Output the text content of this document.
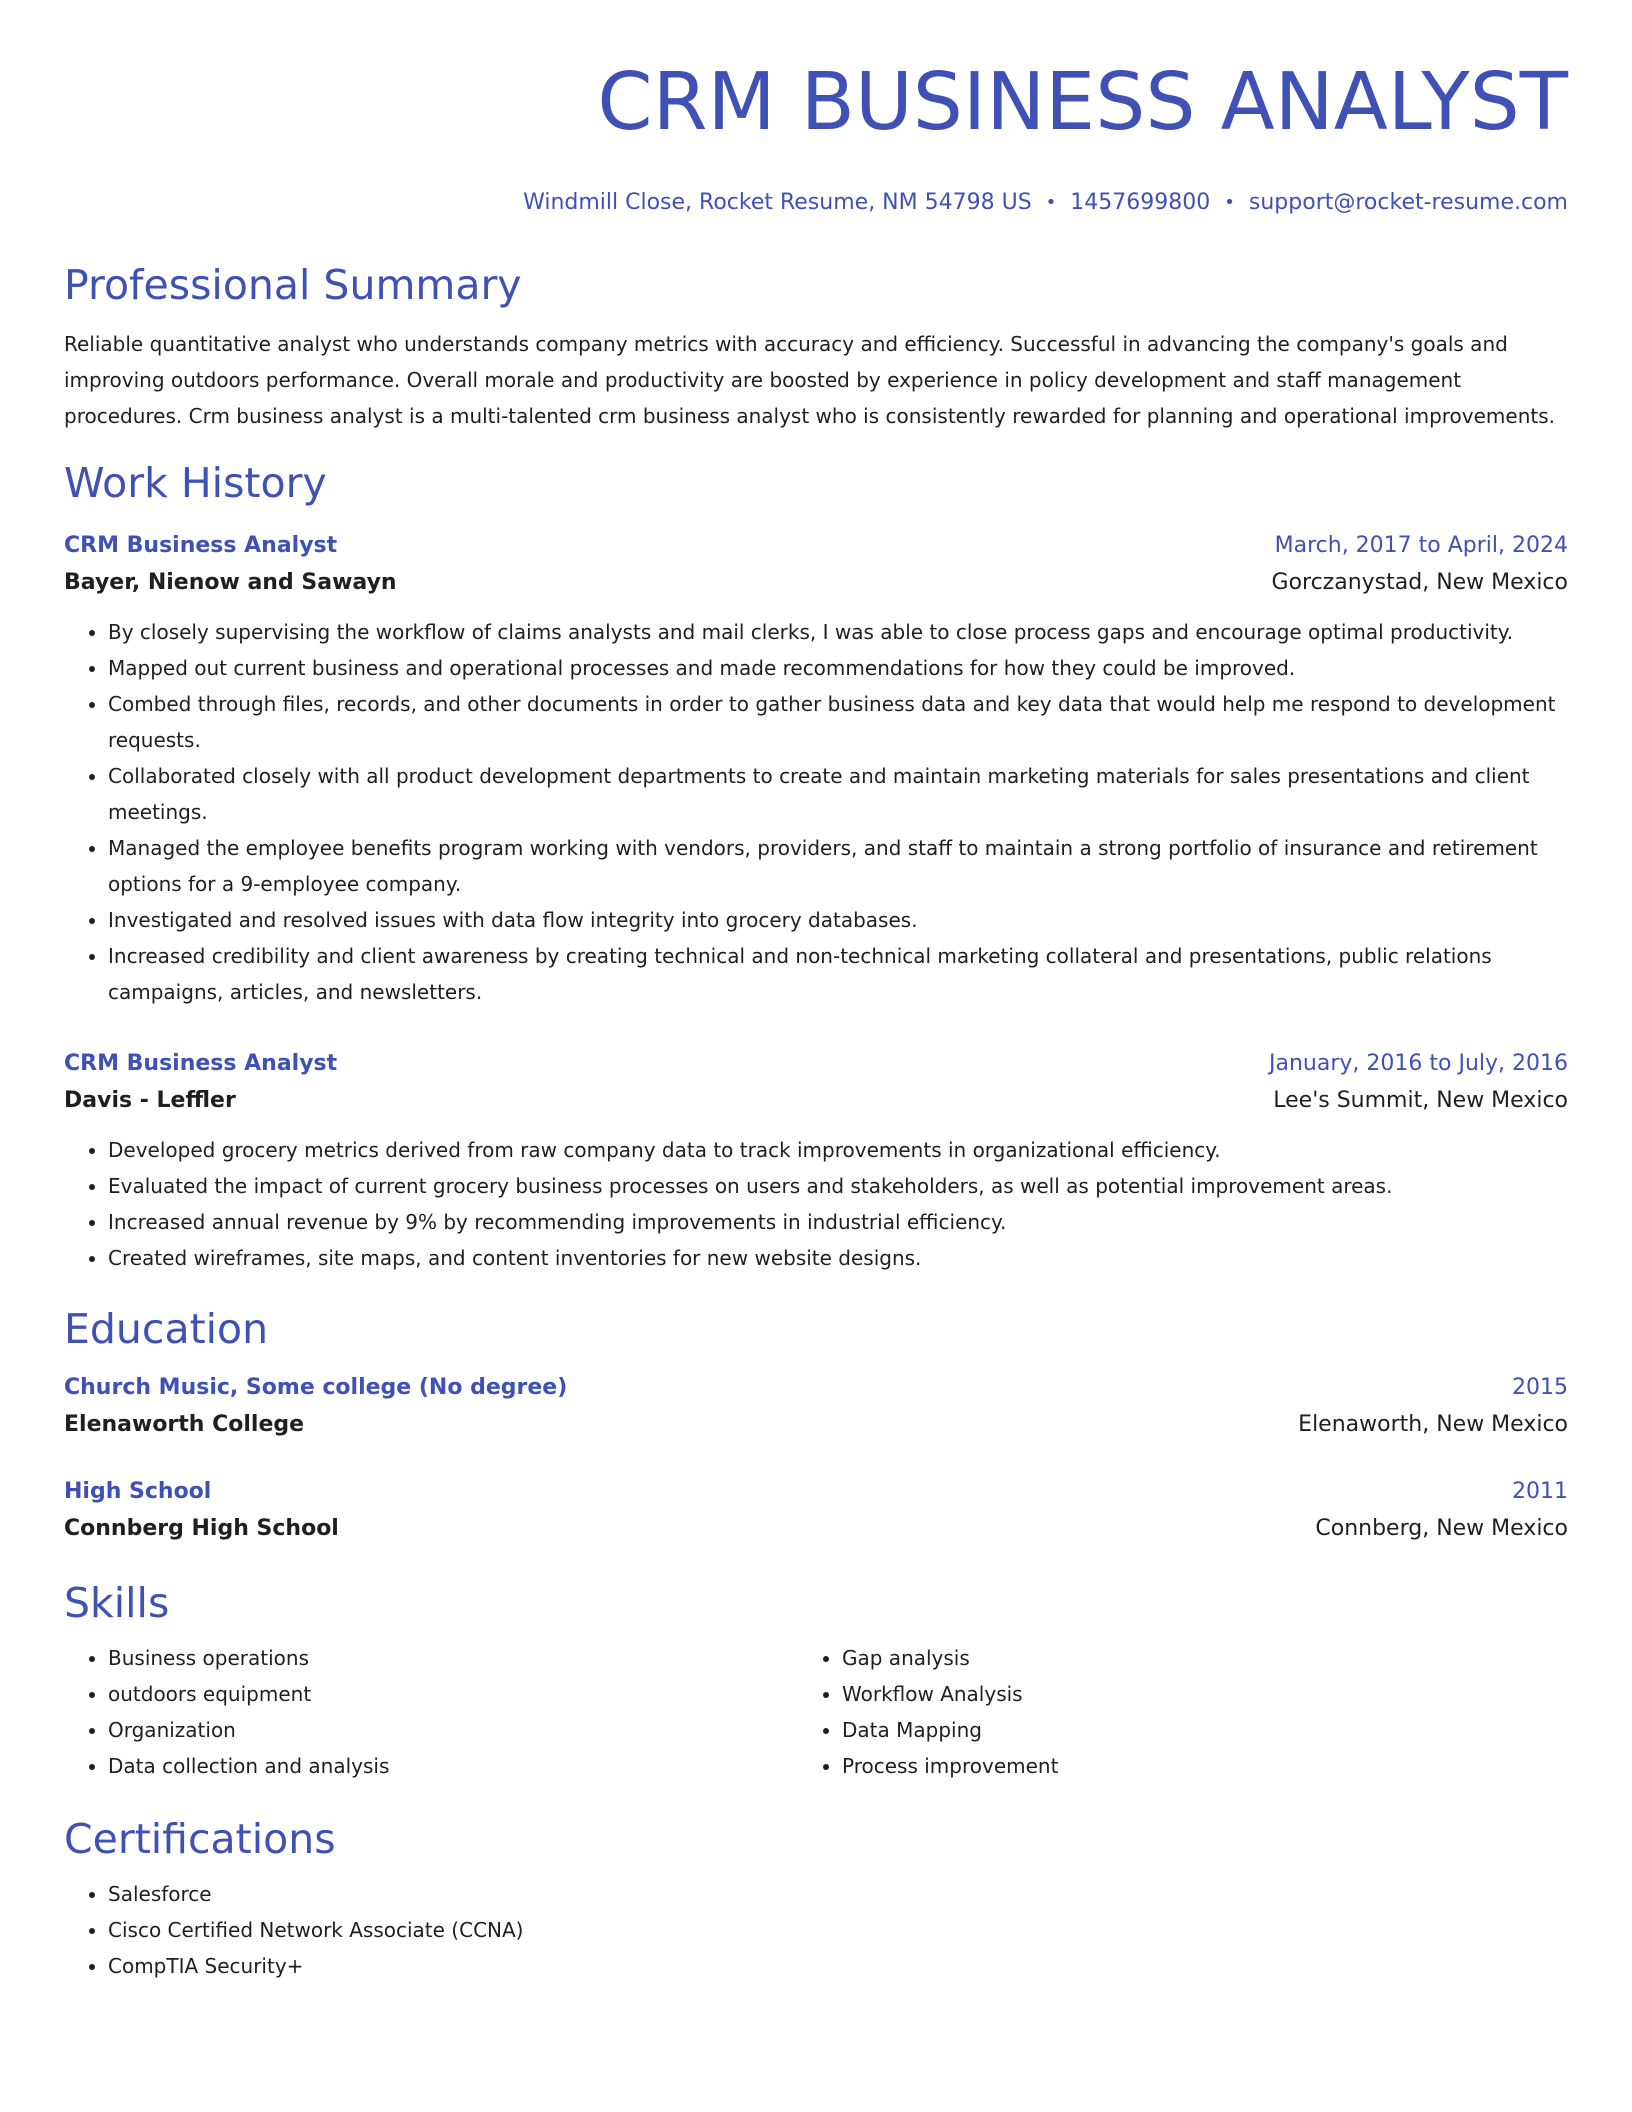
CRM BUSINESS ANALYST
Windmill Close, Rocket Resume, NM 54798 US • 1457699800 • support@rocket-resume.com
Professional Summary
Reliable quantitative analyst who understands company metrics with accuracy and efficiency. Successful in advancing the company's goals and improving outdoors performance. Overall morale and productivity are boosted by experience in policy development and staff management procedures. Crm business analyst is a multi-talented crm business analyst who is consistently rewarded for planning and operational improvements.
Work History
CRM Business Analyst	March, 2017 to April, 2024
Bayer, Nienow and Sawayn	Gorczanystad, New Mexico
• By closely supervising the workflow of claims analysts and mail clerks, I was able to close process gaps and encourage optimal productivity.
• Mapped out current business and operational processes and made recommendations for how they could be improved.
• Combed through files, records, and other documents in order to gather business data and key data that would help me respond to development requests.
• Collaborated closely with all product development departments to create and maintain marketing materials for sales presentations and client meetings.
• Managed the employee benefits program working with vendors, providers, and staff to maintain a strong portfolio of insurance and retirement options for a 9-employee company.
• Investigated and resolved issues with data flow integrity into grocery databases.
• Increased credibility and client awareness by creating technical and non-technical marketing collateral and presentations, public relations campaigns, articles, and newsletters.
CRM Business Analyst	January, 2016 to July, 2016
Davis - Leffler	Lee's Summit, New Mexico
• Developed grocery metrics derived from raw company data to track improvements in organizational efficiency.
• Evaluated the impact of current grocery business processes on users and stakeholders, as well as potential improvement areas.
• Increased annual revenue by 9% by recommending improvements in industrial efficiency.
• Created wireframes, site maps, and content inventories for new website designs.
Education
Church Music, Some college (No degree)	2015
Elenaworth College	Elenaworth, New Mexico
High School	2011
Connberg High School	Connberg, New Mexico
Skills
• Business operations
• outdoors equipment
• Organization
• Data collection and analysis
• Gap analysis
• Workflow Analysis
• Data Mapping
• Process improvement
Certifications
• Salesforce
• Cisco Certified Network Associate (CCNA)
• CompTIA Security+
